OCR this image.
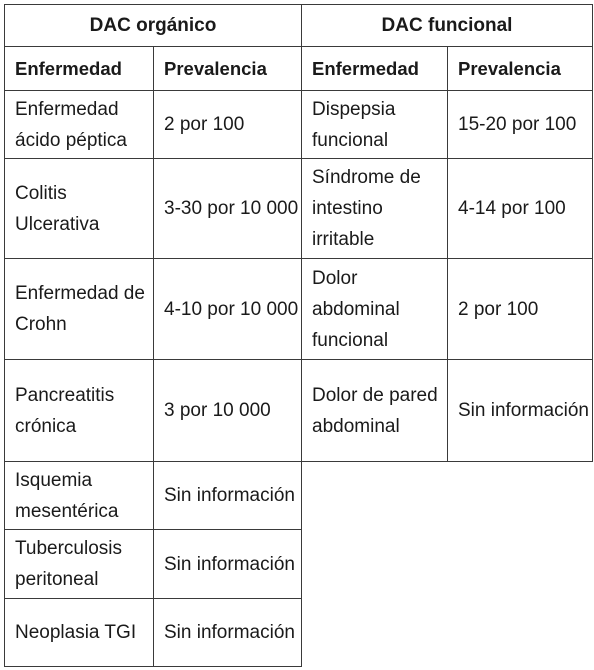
DAC orgánico	
Enfermedad	Prevalencia
Enfermedad ácido péptica	2 por 100
Colitis Ulcerativa	3-30 por 10 000
Enfermedad de Crohn	4-10 por 10 000
Pancreatitis crónica	3 por 10 000
Isquemia mesentérica	Sin información
Tuberculosis peritoneal	Sin información
Neoplasia TGI	Sin información
DAC funcional	
Enfermedad	Prevalencia
Dispepsia funcional	15-20 por 100
Síndrome de intestino irritable	4-14 por 100
Dolor abdominal funcional	2 por 100
Dolor de pared abdominal	Sin información
